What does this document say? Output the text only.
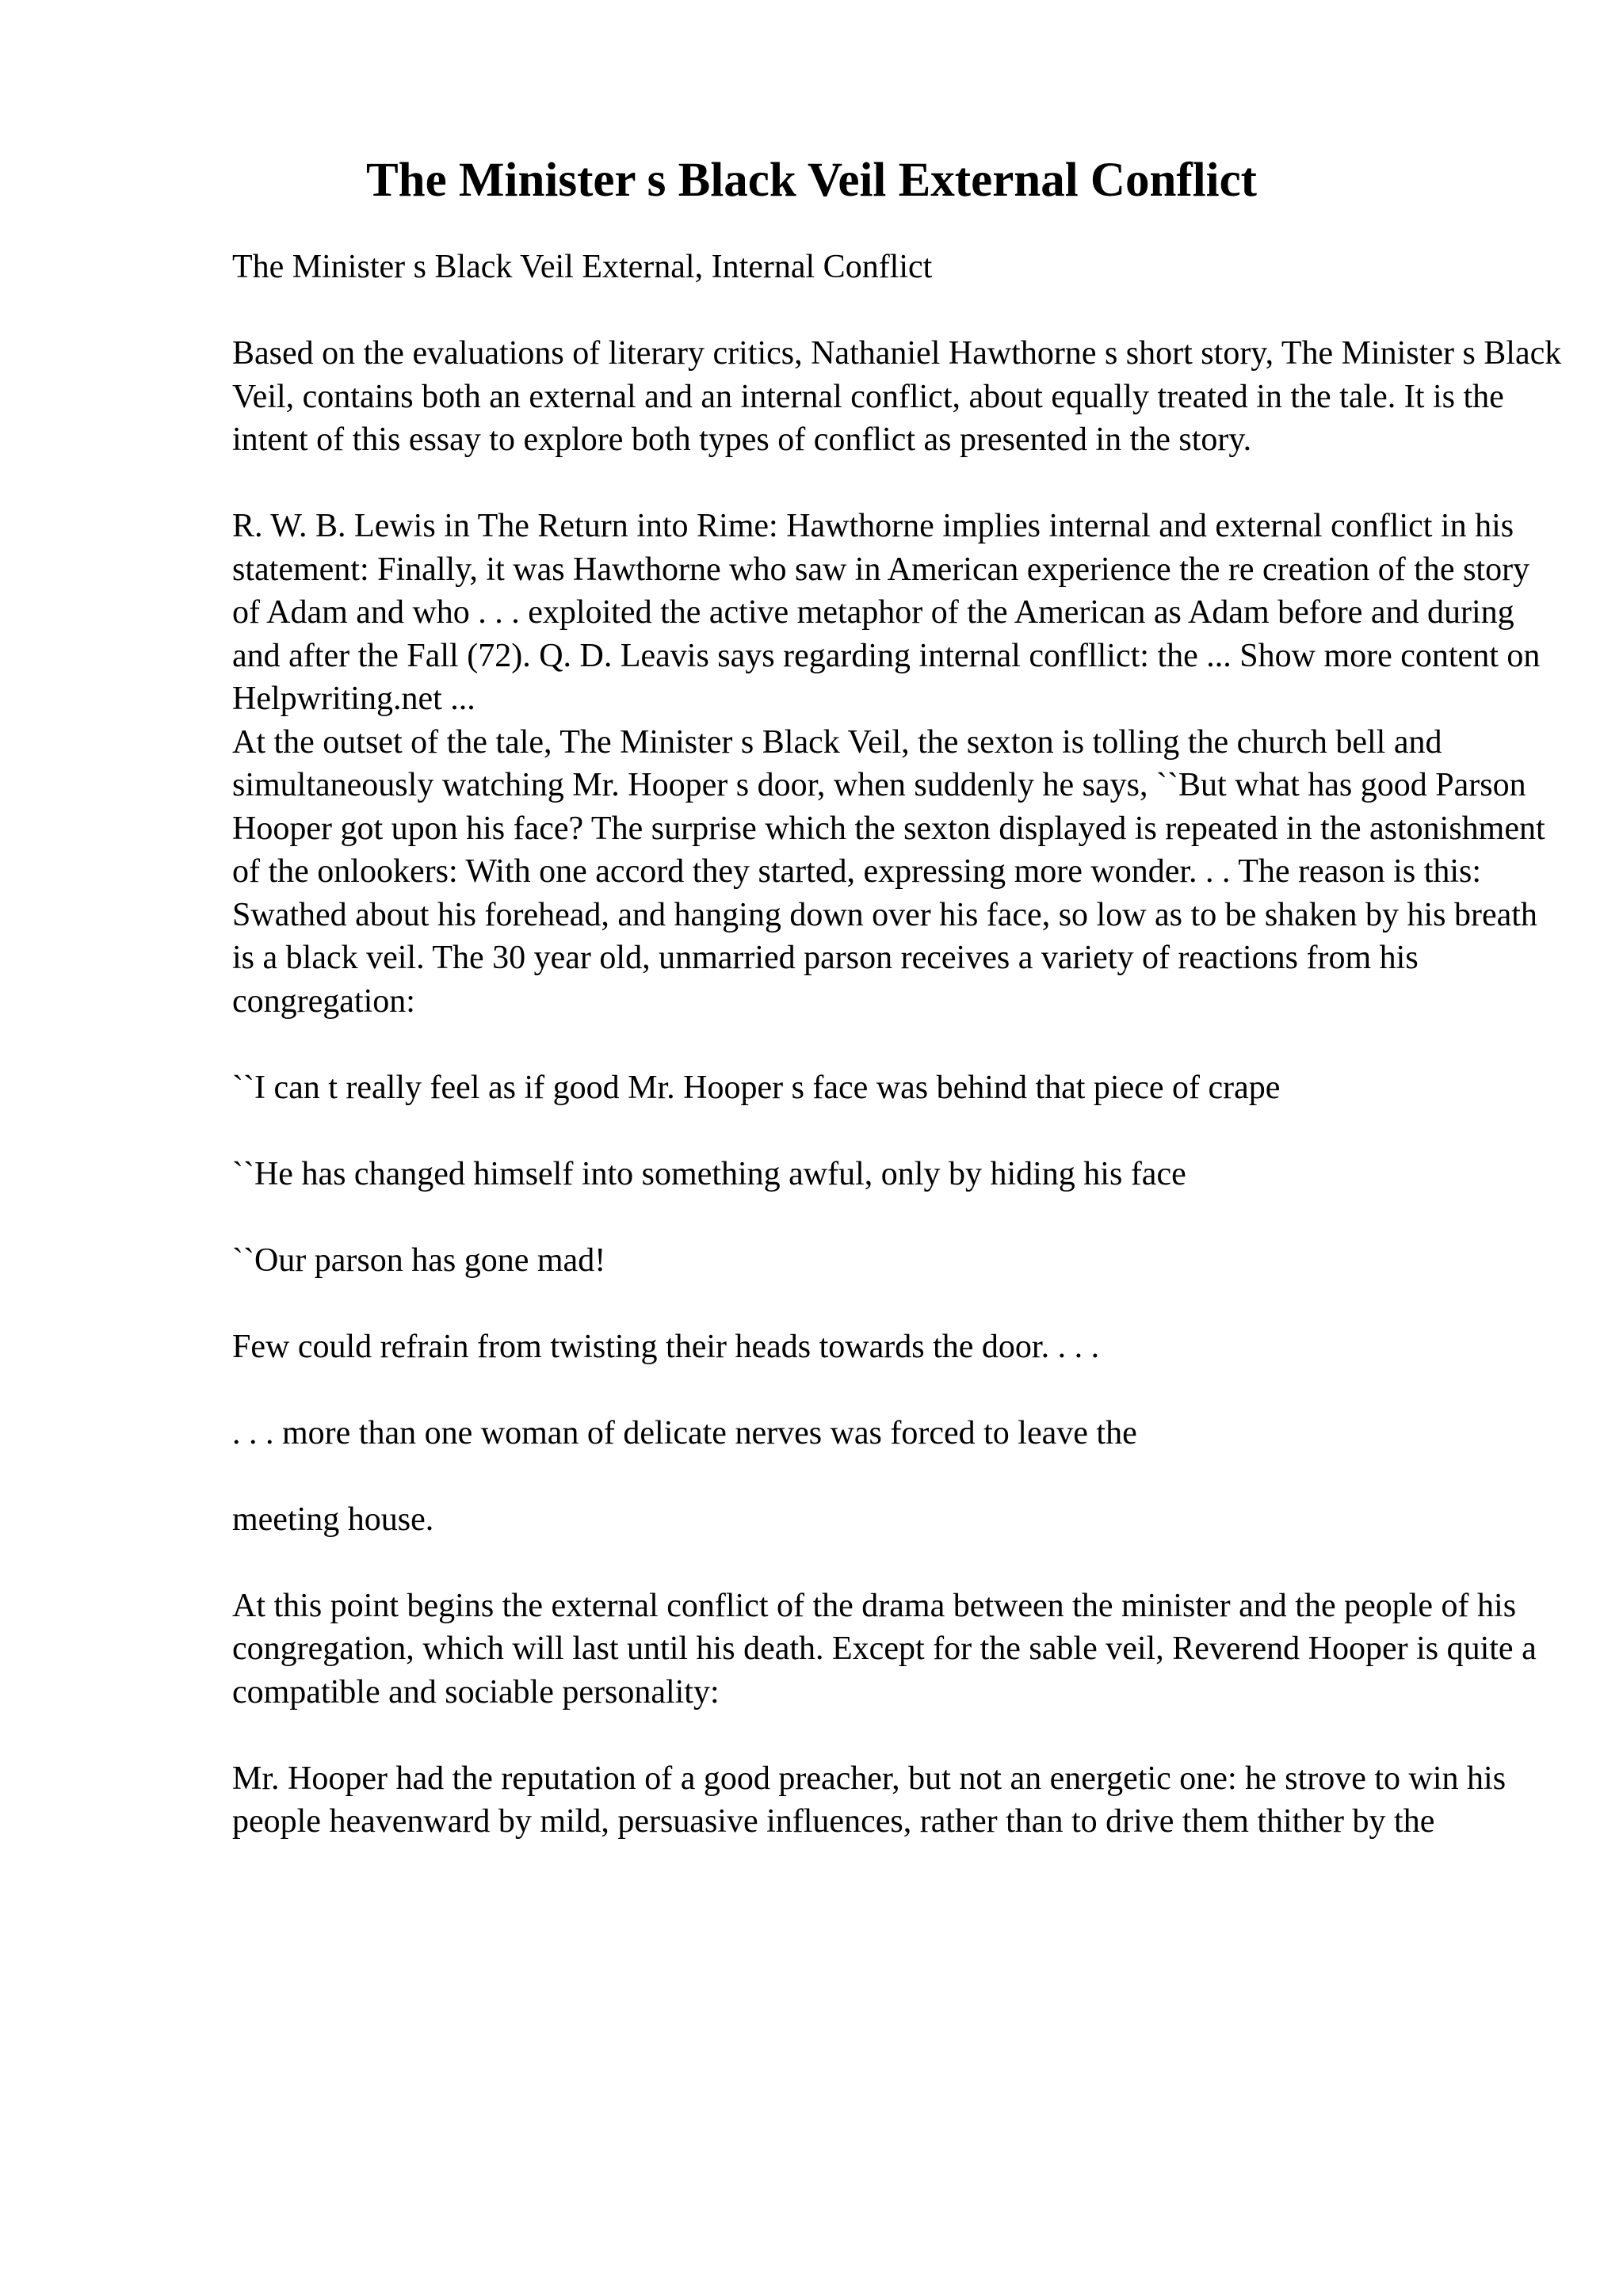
The Minister s Black Veil External Conflict

The Minister s Black Veil External, Internal Conflict

Based on the evaluations of literary critics, Nathaniel Hawthorne s short story, The Minister s Black Veil, contains both an external and an internal conflict, about equally treated in the tale. It is the intent of this essay to explore both types of conflict as presented in the story.

R. W. B. Lewis in The Return into Rime: Hawthorne implies internal and external conflict in his statement: Finally, it was Hawthorne who saw in American experience the re creation of the story of Adam and who . . . exploited the active metaphor of the American as Adam before and during and after the Fall (72). Q. D. Leavis says regarding internal confllict: the ... Show more content on Helpwriting.net ...

At the outset of the tale, The Minister s Black Veil, the sexton is tolling the church bell and simultaneously watching Mr. Hooper s door, when suddenly he says, ``But what has good Parson Hooper got upon his face? The surprise which the sexton displayed is repeated in the astonishment of the onlookers: With one accord they started, expressing more wonder. . . The reason is this: Swathed about his forehead, and hanging down over his face, so low as to be shaken by his breath is a black veil. The 30 year old, unmarried parson receives a variety of reactions from his congregation:

``I can t really feel as if good Mr. Hooper s face was behind that piece of crape

``He has changed himself into something awful, only by hiding his face

``Our parson has gone mad!

Few could refrain from twisting their heads towards the door. . . .

. . . more than one woman of delicate nerves was forced to leave the

meeting house.

At this point begins the external conflict of the drama between the minister and the people of his congregation, which will last until his death. Except for the sable veil, Reverend Hooper is quite a compatible and sociable personality:

Mr. Hooper had the reputation of a good preacher, but not an energetic one: he strove to win his people heavenward by mild, persuasive influences, rather than to drive them thither by the
